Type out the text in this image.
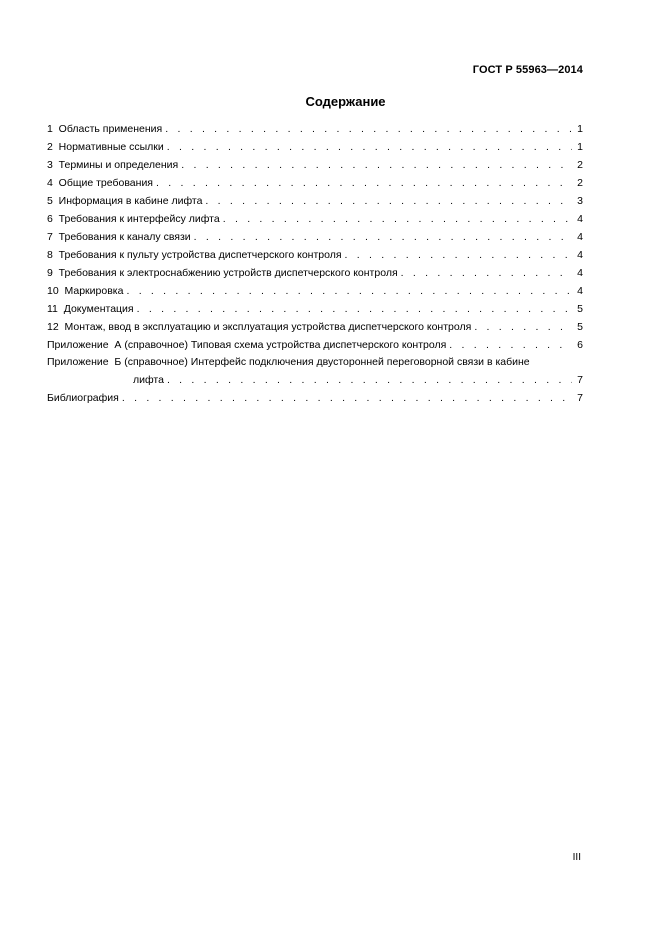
ГОСТ Р 55963—2014
Содержание
1  Область применения . . .	1
2  Нормативные ссылки . . .	1
3  Термины и определения . . .	2
4  Общие требования . . .	2
5  Информация в кабине лифта . . .	3
6  Требования к интерфейсу лифта . . .	4
7  Требования к каналу связи . . .	4
8  Требования к пульту устройства диспетчерского контроля . . .	4
9  Требования к электроснабжению устройств диспетчерского контроля . . .	4
10  Маркировка . . .	4
11  Документация . . .	5
12  Монтаж, ввод в эксплуатацию и эксплуатация устройства диспетчерского контроля . . .	5
Приложение  А (справочное) Типовая схема устройства диспетчерского контроля . . .	6
Приложение  Б (справочное) Интерфейс подключения двусторонней переговорной связи в кабине
лифта . . .	7
Библиография . . .	7
III
